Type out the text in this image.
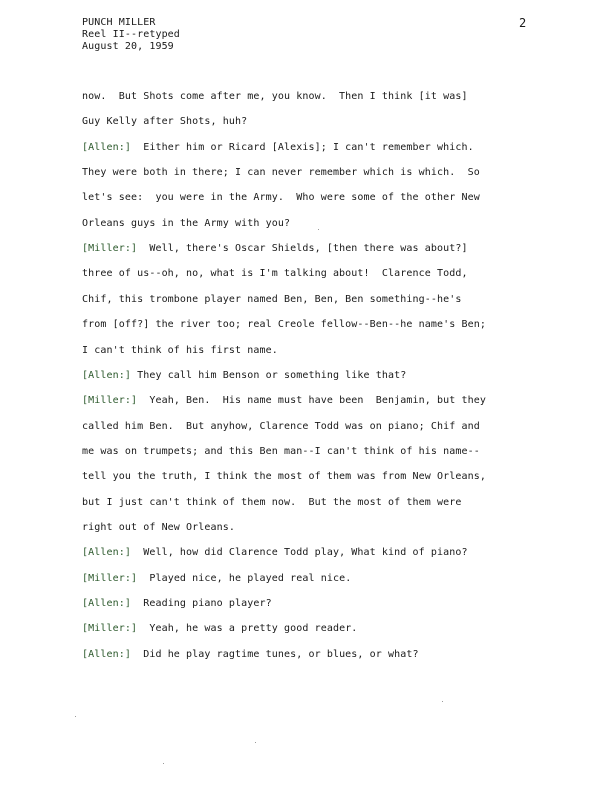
PUNCH MILLER
Reel II--retyped
August 20, 1959
2
now.  But Shots come after me, you know.  Then I think [it was]
Guy Kelly after Shots, huh?
[Allen:]  Either him or Ricard [Alexis]; I can't remember which.
They were both in there; I can never remember which is which.  So
let's see:  you were in the Army.  Who were some of the other New
Orleans guys in the Army with you?
[Miller:]  Well, there's Oscar Shields, [then there was about?]
three of us--oh, no, what is I'm talking about!  Clarence Todd,
Chif, this trombone player named Ben, Ben, Ben something--he's
from [off?] the river too; real Creole fellow--Ben--he name's Ben;
I can't think of his first name.
[Allen:] They call him Benson or something like that?
[Miller:]  Yeah, Ben.  His name must have been  Benjamin, but they
called him Ben.  But anyhow, Clarence Todd was on piano; Chif and
me was on trumpets; and this Ben man--I can't think of his name--
tell you the truth, I think the most of them was from New Orleans,
but I just can't think of them now.  But the most of them were
right out of New Orleans.
[Allen:]  Well, how did Clarence Todd play, What kind of piano?
[Miller:]  Played nice, he played real nice.
[Allen:]  Reading piano player?
[Miller:]  Yeah, he was a pretty good reader.
[Allen:]  Did he play ragtime tunes, or blues, or what?
